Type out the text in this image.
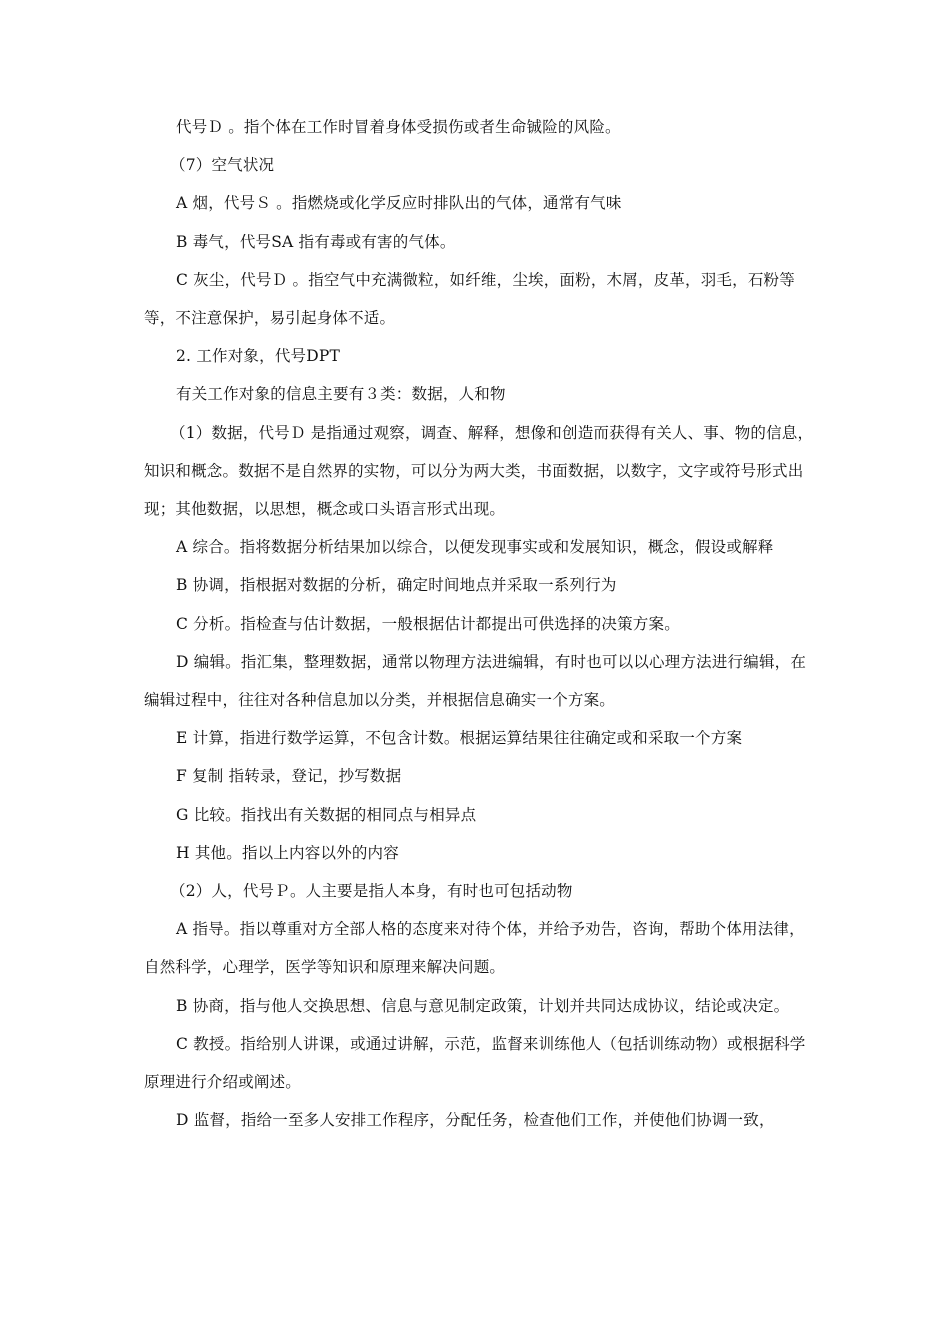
代号Ｄ 。指个体在工作时冒着身体受损伤或者生命铖险的风险。

（7）空气状况

A 烟，代号Ｓ 。指燃烧或化学反应时排队出的气体，通常有气味

B 毒气，代号SA 指有毒或有害的气体。

C 灰尘，代号Ｄ 。指空气中充满微粒，如纤维，尘埃，面粉，木屑，皮革，羽毛，石粉等等，不注意保护，易引起身体不适。

2. 工作对象，代号DPT

有关工作对象的信息主要有３类：数据，人和物

（1）数据，代号Ｄ 是指通过观察，调查、解释，想像和创造而获得有关人、事、物的信息，知识和概念。数据不是自然界的实物，可以分为两大类，书面数据，以数字，文字或符号形式出现；其他数据，以思想，概念或口头语言形式出现。

A 综合。指将数据分析结果加以综合，以便发现事实或和发展知识，概念，假设或解释

B 协调，指根据对数据的分析，确定时间地点并采取一系列行为

C 分析。指检查与估计数据，一般根据估计都提出可供选择的决策方案。

D 编辑。指汇集，整理数据，通常以物理方法进编辑，有时也可以以心理方法进行编辑，在编辑过程中，往往对各种信息加以分类，并根据信息确实一个方案。

E 计算，指进行数学运算，不包含计数。根据运算结果往往确定或和采取一个方案

F 复制 指转录，登记，抄写数据

G 比较。指找出有关数据的相同点与相异点

H 其他。指以上内容以外的内容

（2）人，代号Ｐ。人主要是指人本身，有时也可包括动物

A 指导。指以尊重对方全部人格的态度来对待个体，并给予劝告，咨询，帮助个体用法律，自然科学，心理学，医学等知识和原理来解决问题。

B 协商，指与他人交换思想、信息与意见制定政策，计划并共同达成协议，结论或决定。

C 教授。指给别人讲课，或通过讲解，示范，监督来训练他人（包括训练动物）或根据科学原理进行介绍或阐述。

D 监督，指给一至多人安排工作程序，分配任务，检查他们工作，并使他们协调一致，
